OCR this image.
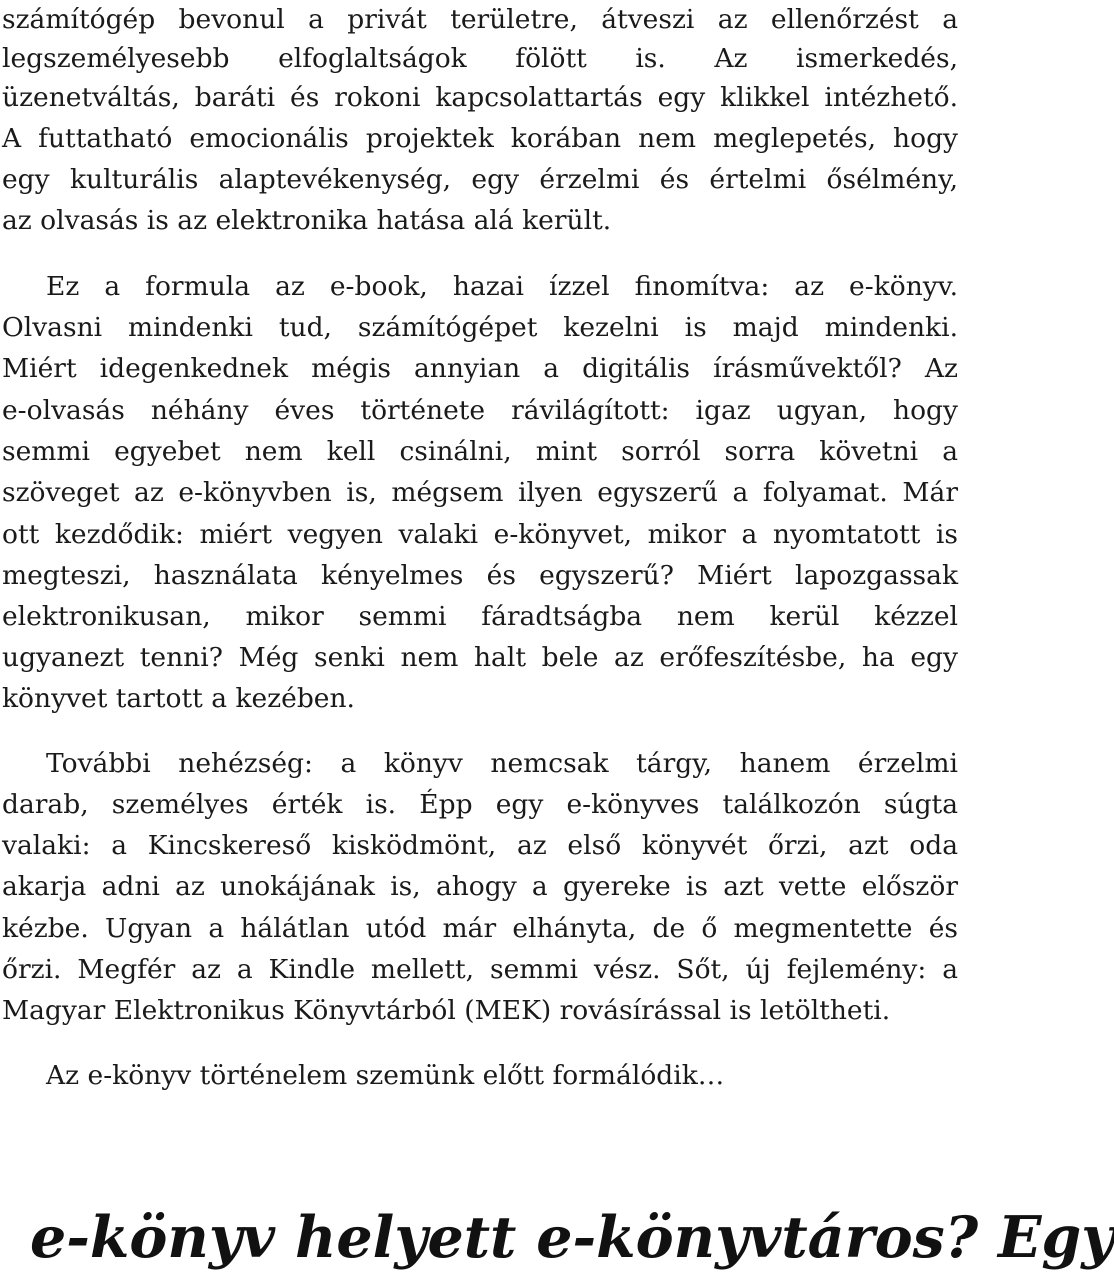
számítógép bevonul a privát területre, átveszi az ellenőrzést a
legszemélyesebb elfoglaltságok fölött is. Az ismerkedés,
üzenetváltás, baráti és rokoni kapcsolattartás egy klikkel intézhető.
A futtatható emocionális projektek korában nem meglepetés, hogy
egy kulturális alaptevékenység, egy érzelmi és értelmi ősélmény,
az olvasás is az elektronika hatása alá került.
Ez a formula az e-book, hazai ízzel finomítva: az e-könyv.
Olvasni mindenki tud, számítógépet kezelni is majd mindenki.
Miért idegenkednek mégis annyian a digitális írásművektől? Az
e-olvasás néhány éves története rávilágított: igaz ugyan, hogy
semmi egyebet nem kell csinálni, mint sorról sorra követni a
szöveget az e-könyvben is, mégsem ilyen egyszerű a folyamat. Már
ott kezdődik: miért vegyen valaki e-könyvet, mikor a nyomtatott is
megteszi, használata kényelmes és egyszerű? Miért lapozgassak
elektronikusan, mikor semmi fáradtságba nem kerül kézzel
ugyanezt tenni? Még senki nem halt bele az erőfeszítésbe, ha egy
könyvet tartott a kezében.
További nehézség: a könyv nemcsak tárgy, hanem érzelmi
darab, személyes érték is. Épp egy e-könyves találkozón súgta
valaki: a Kincskereső kisködmönt, az első könyvét őrzi, azt oda
akarja adni az unokájának is, ahogy a gyereke is azt vette először
kézbe. Ugyan a hálátlan utód már elhányta, de ő megmentette és
őrzi. Megfér az a Kindle mellett, semmi vész. Sőt, új fejlemény: a
Magyar Elektronikus Könyvtárból (MEK) rovásírással is letöltheti.
Az e-könyv történelem szemünk előtt formálódik…
e-könyv helyett e-könyvtáros? Egy
